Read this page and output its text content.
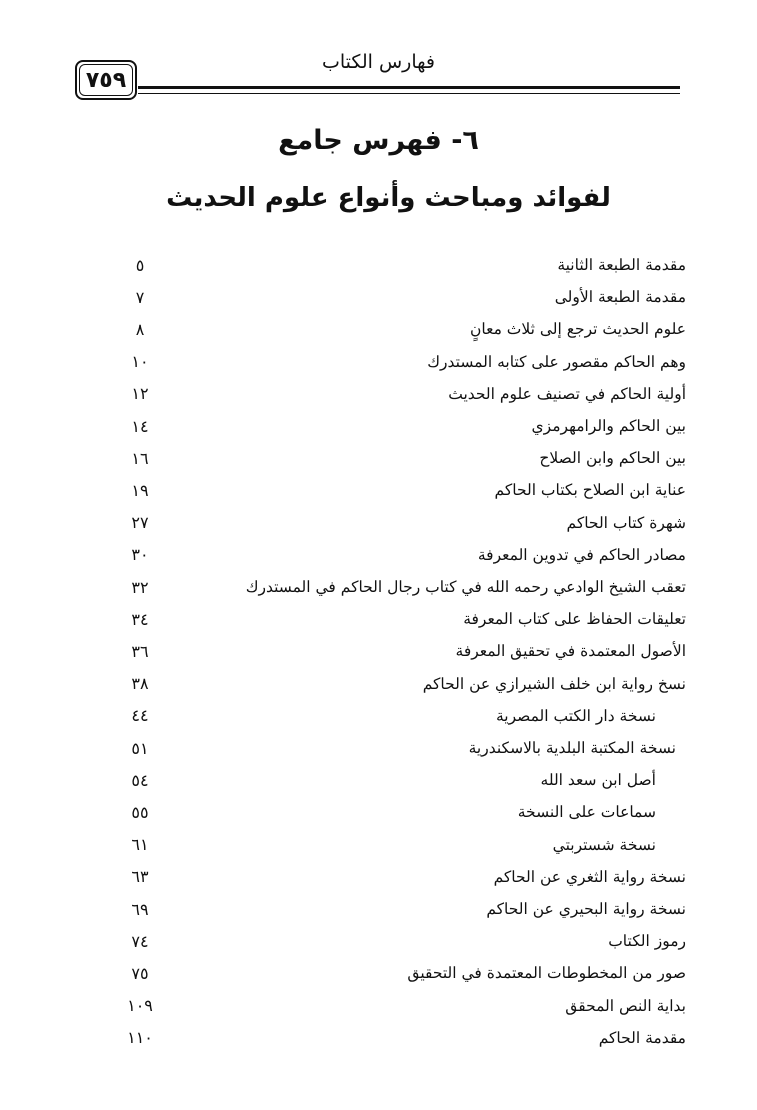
فهارس الكتاب
٧٥٩
٦- فهرس جامع
لفوائد ومباحث وأنواع علوم الحديث
مقدمة الطبعة الثانية
٥
مقدمة الطبعة الأولى
٧
علوم الحديث ترجع إلى ثلاث معانٍ
٨
وهم الحاكم مقصور على كتابه المستدرك
١٠
أولية الحاكم في تصنيف علوم الحديث
١٢
بين الحاكم والرامهرمزي
١٤
بين الحاكم وابن الصلاح
١٦
عناية ابن الصلاح بكتاب الحاكم
١٩
شهرة كتاب الحاكم
٢٧
مصادر الحاكم في تدوين المعرفة
٣٠
تعقب الشيخ الوادعي رحمه الله في كتاب رجال الحاكم في المستدرك
٣٢
تعليقات الحفاظ على كتاب المعرفة
٣٤
الأصول المعتمدة في تحقيق المعرفة
٣٦
نسخ رواية ابن خلف الشيرازي عن الحاكم
٣٨
نسخة دار الكتب المصرية
٤٤
نسخة المكتبة البلدية بالاسكندرية
٥١
أصل ابن سعد الله
٥٤
سماعات على النسخة
٥٥
نسخة شستربتي
٦١
نسخة رواية الثغري عن الحاكم
٦٣
نسخة رواية البحيري عن الحاكم
٦٩
رموز الكتاب
٧٤
صور من المخطوطات المعتمدة في التحقيق
٧٥
بداية النص المحقق
١٠٩
مقدمة الحاكم
١١٠
